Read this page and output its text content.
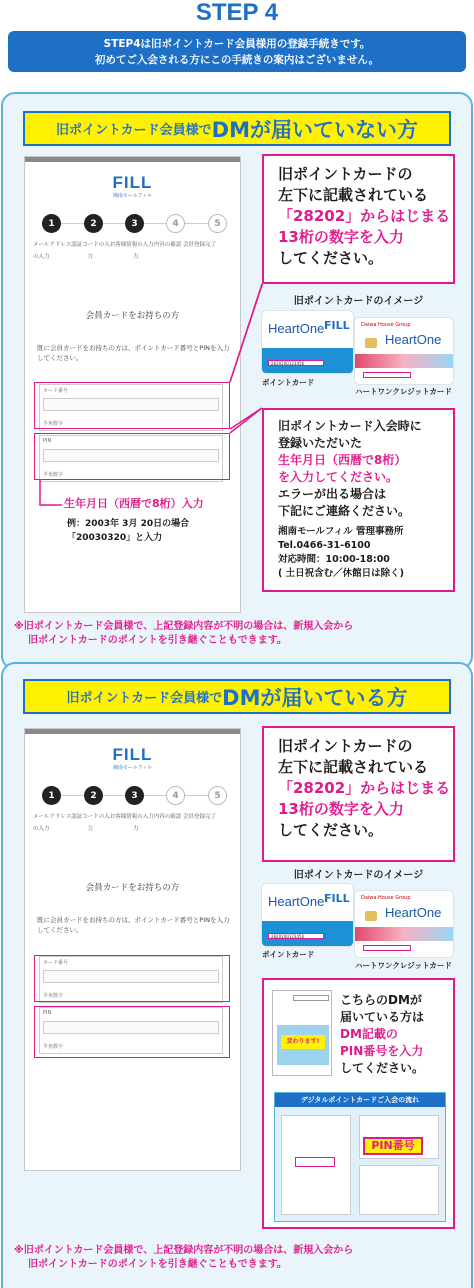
STEP 4
STEP4は旧ポイントカード会員様用の登録手続きです。
初めてご入会される方にこの手続きの案内はございません。
旧ポイントカード会員様で DMが届いていない方
FILL
湘南モールフィル
1	2	3	4	5
メールアドレス認証コードの入お客様情報の入力内容の確認 会員登録完了
の入力	力	力
会員カードをお持ちの方
既に会員カードをお持ちの方は、ポイントカード番号とPINを入力してください。
カード番号
半角数字
PIN
半角数字
旧ポイントカードの
左下に記載されている
「28202」からはじまる
13桁の数字を入力
してください。
旧ポイントカードのイメージ
HeartOne FILL
2820200123456
ポイントカード
Daiwa House Group
HeartOne
ハートワンクレジットカード
旧ポイントカード入会時に
登録いただいた
生年月日（西暦で8桁）
を入力してください。
エラーが出る場合は
下記にご連絡ください。
湘南モールフィル 管理事務所
Tel.0466-31-6100
対応時間：10:00-18:00
( 土日祝含む／休館日は除く)
生年月日（西暦で8桁）入力
例：2003年 3月 20日の場合
「20030320」と入力
※旧ポイントカード会員様で、上記登録内容が不明の場合は、新規入会から
旧ポイントカードのポイントを引き継ぐこともできます。
旧ポイントカード会員様で DMが届いている方
FILL
湘南モールフィル
1	2	3	4	5
メールアドレス認証コードの入お客様情報の入力内容の確認 会員登録完了
の入力	力	力
会員カードをお持ちの方
既に会員カードをお持ちの方は、ポイントカード番号とPINを入力してください。
カード番号
半角数字
PIN
半角数字
旧ポイントカードの
左下に記載されている
「28202」からはじまる
13桁の数字を入力
してください。
旧ポイントカードのイメージ
HeartOne FILL
2820200123456
ポイントカード
Daiwa House Group
HeartOne
ハートワンクレジットカード
変わります!
こちらのDMが
届いている方は
DM記載の
PIN番号を入力
してください。
デジタルポイントカードご入会の流れ
PIN番号
※旧ポイントカード会員様で、上記登録内容が不明の場合は、新規入会から
旧ポイントカードのポイントを引き継ぐこともできます。
